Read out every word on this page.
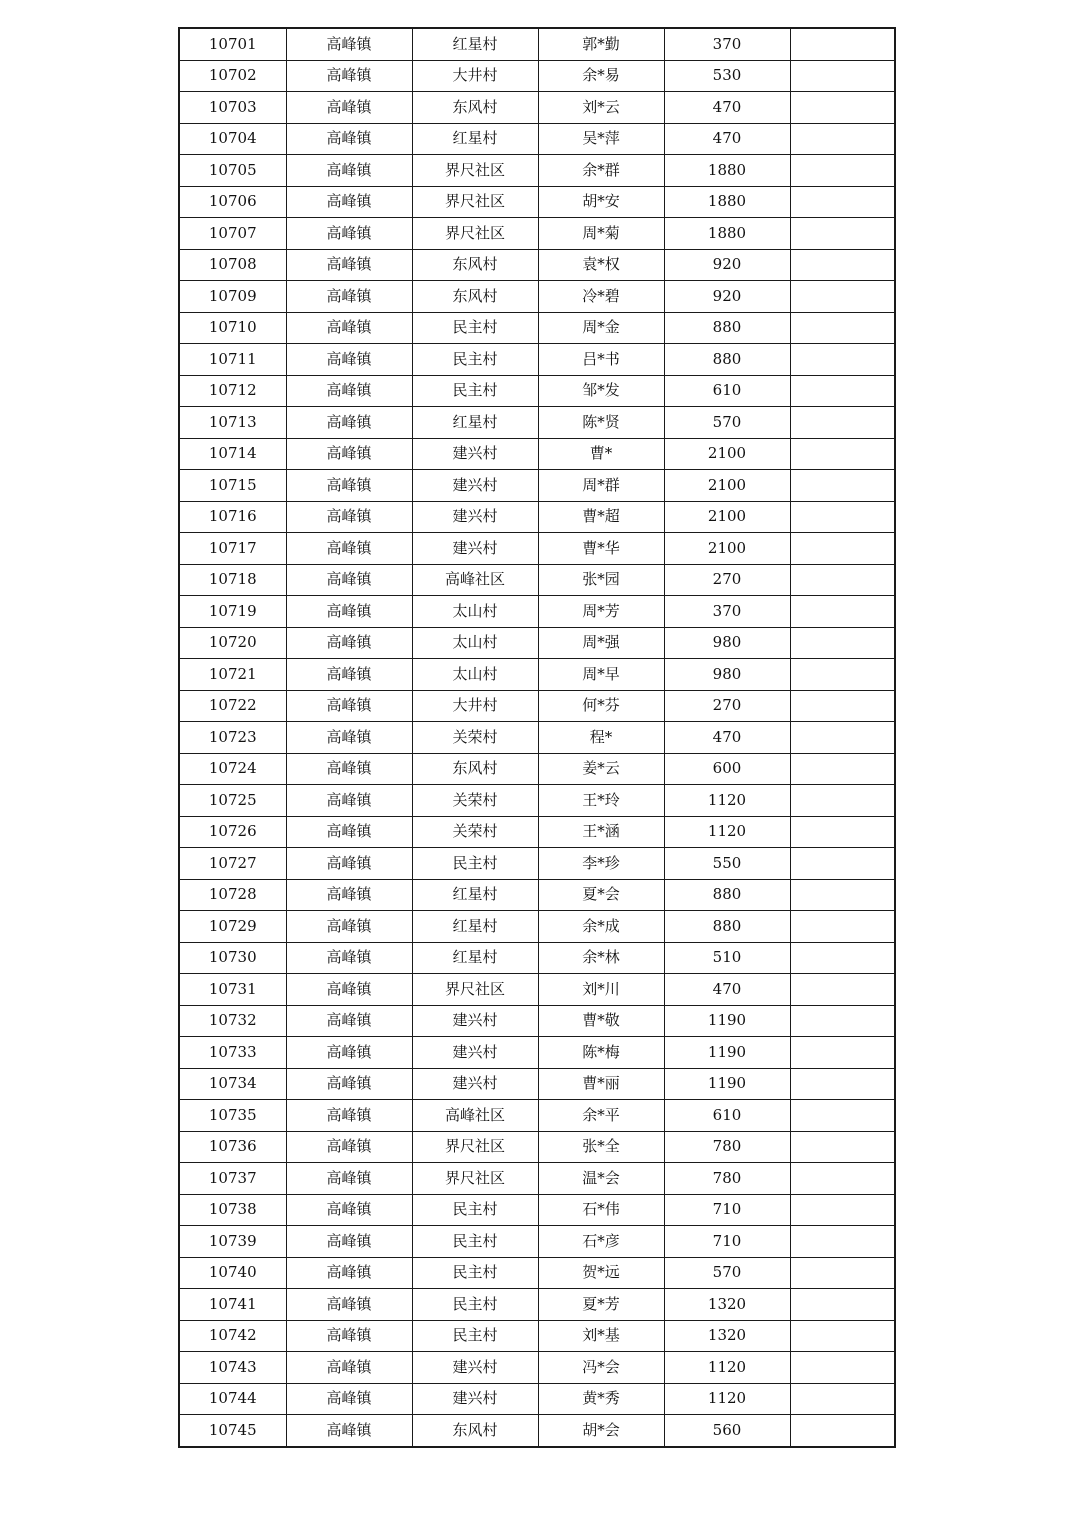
10701	高峰镇	红星村	郭*勤	370	
10702	高峰镇	大井村	余*易	530	
10703	高峰镇	东风村	刘*云	470	
10704	高峰镇	红星村	吴*萍	470	
10705	高峰镇	界尺社区	余*群	1880	
10706	高峰镇	界尺社区	胡*安	1880	
10707	高峰镇	界尺社区	周*菊	1880	
10708	高峰镇	东风村	袁*权	920	
10709	高峰镇	东风村	冷*碧	920	
10710	高峰镇	民主村	周*金	880	
10711	高峰镇	民主村	吕*书	880	
10712	高峰镇	民主村	邹*发	610	
10713	高峰镇	红星村	陈*贤	570	
10714	高峰镇	建兴村	曹*	2100	
10715	高峰镇	建兴村	周*群	2100	
10716	高峰镇	建兴村	曹*超	2100	
10717	高峰镇	建兴村	曹*华	2100	
10718	高峰镇	高峰社区	张*园	270	
10719	高峰镇	太山村	周*芳	370	
10720	高峰镇	太山村	周*强	980	
10721	高峰镇	太山村	周*早	980	
10722	高峰镇	大井村	何*芬	270	
10723	高峰镇	关荣村	程*	470	
10724	高峰镇	东风村	姜*云	600	
10725	高峰镇	关荣村	王*玲	1120	
10726	高峰镇	关荣村	王*涵	1120	
10727	高峰镇	民主村	李*珍	550	
10728	高峰镇	红星村	夏*会	880	
10729	高峰镇	红星村	余*成	880	
10730	高峰镇	红星村	余*林	510	
10731	高峰镇	界尺社区	刘*川	470	
10732	高峰镇	建兴村	曹*敬	1190	
10733	高峰镇	建兴村	陈*梅	1190	
10734	高峰镇	建兴村	曹*丽	1190	
10735	高峰镇	高峰社区	余*平	610	
10736	高峰镇	界尺社区	张*全	780	
10737	高峰镇	界尺社区	温*会	780	
10738	高峰镇	民主村	石*伟	710	
10739	高峰镇	民主村	石*彦	710	
10740	高峰镇	民主村	贺*远	570	
10741	高峰镇	民主村	夏*芳	1320	
10742	高峰镇	民主村	刘*基	1320	
10743	高峰镇	建兴村	冯*会	1120	
10744	高峰镇	建兴村	黄*秀	1120	
10745	高峰镇	东风村	胡*会	560	
